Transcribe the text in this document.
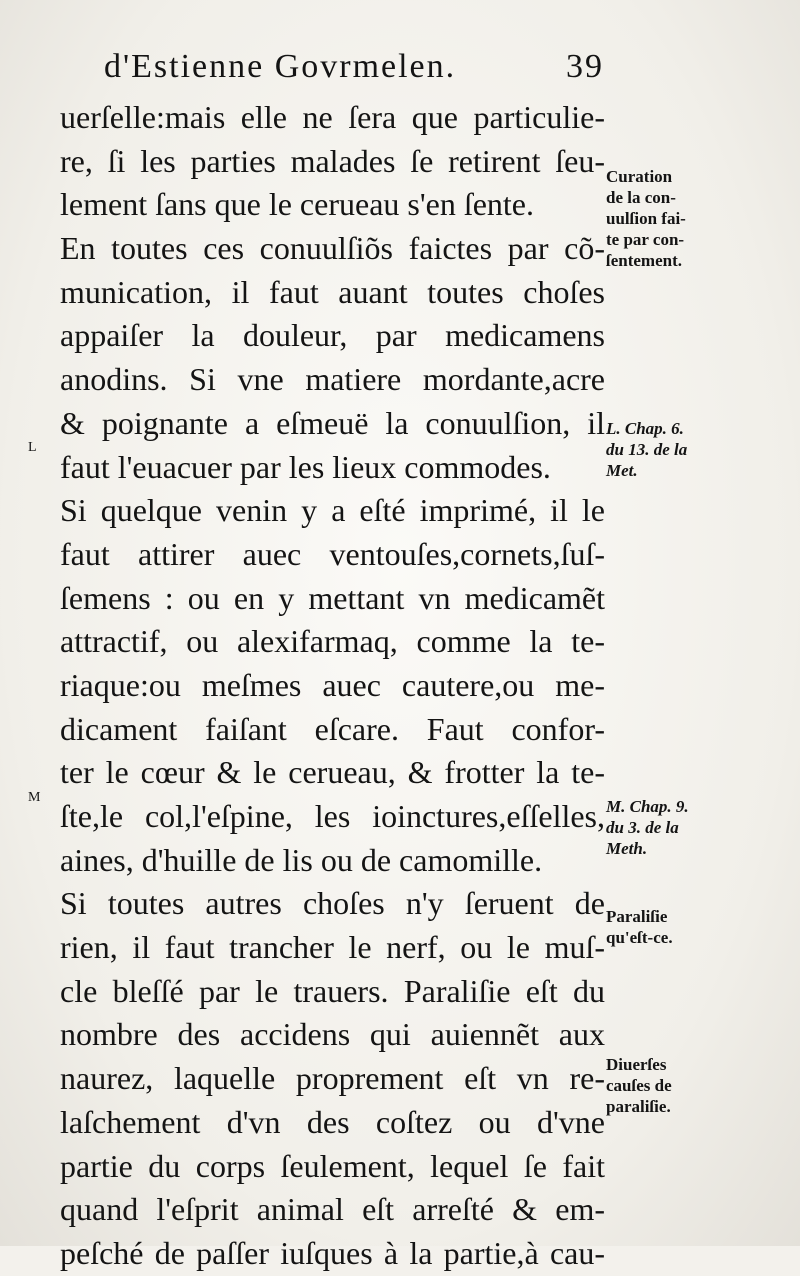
d'Estienne Govrmelen.	39
uerſelle:mais elle ne ſera que particulie-
re, ſi les parties malades ſe retirent ſeu-
lement ſans que le cerueau s'en ſente.
En toutes ces conuulſiõs faictes par cõ-
munication, il faut auant toutes choſes
appaiſer la douleur, par medicamens
anodins. Si vne matiere mordante,acre
& poignante a eſmeuë la conuulſion, il
faut l'euacuer par les lieux commodes.
Si quelque venin y a eſté imprimé, il le
faut attirer auec ventouſes,cornets,ſuſ-
ſemens : ou en y mettant vn medicamẽt
attractif, ou alexifarmaq, comme la te-
riaque:ou meſmes auec cautere,ou me-
dicament faiſant eſcare. Faut confor-
ter le cœur & le cerueau, & frotter la te-
ſte,le col,l'eſpine, les ioinctures,eſſelles,
aines, d'huille de lis ou de camomille.
Si toutes autres choſes n'y ſeruent de
rien, il faut trancher le nerf, ou le muſ-
cle bleſſé par le trauers. Paraliſie eſt du
nombre des accidens qui auiennẽt aux
naurez, laquelle proprement eſt vn re-
laſchement d'vn des coſtez ou d'vne
partie du corps ſeulement, lequel ſe fait
quand l'eſprit animal eſt arreſté & em-
peſché de paſſer iuſques à la partie,à cau-
L
M
Curation
de la con-
uulſion fai-
te par con-
ſentement.
L. Chap. 6.
du 13. de la
Met.
M. Chap. 9.
du 3. de la
Meth.
Paraliſie
qu'eſt-ce.
Diuerſes
cauſes de
paraliſie.
